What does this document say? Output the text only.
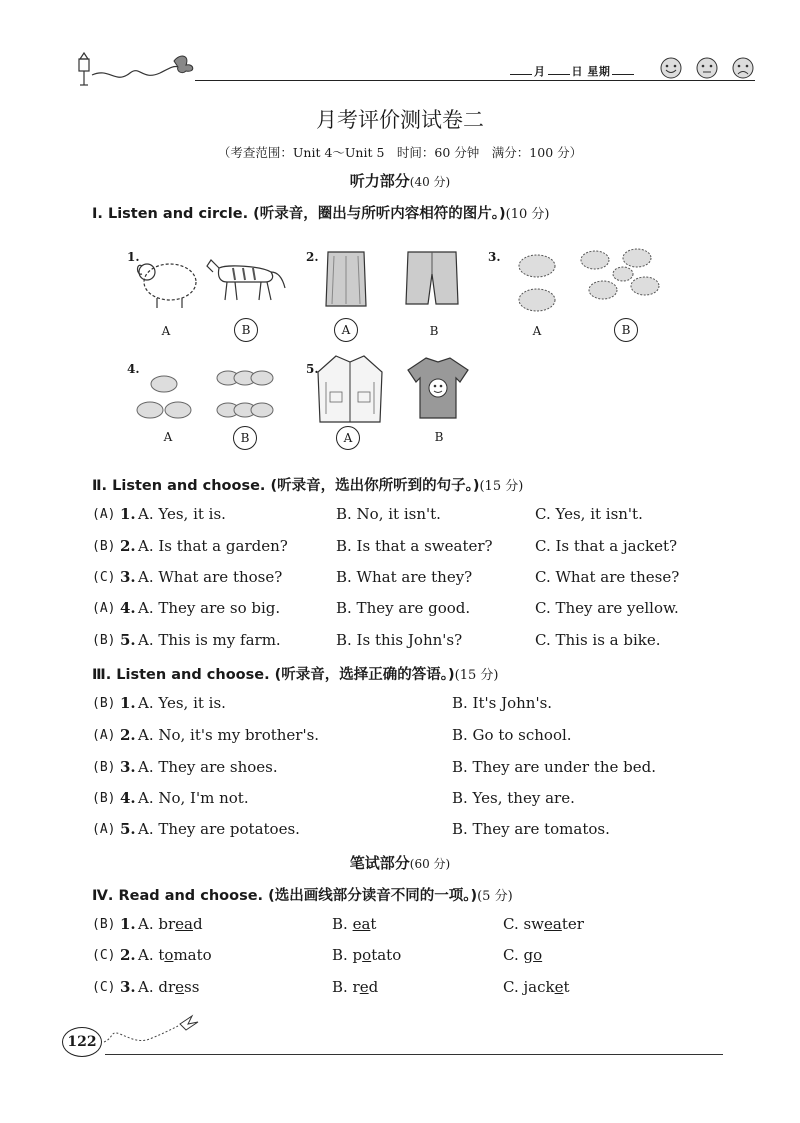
月 日 星期
月考评价测试卷二
（考查范围：Unit 4～Unit 5　时间：60 分钟　满分：100 分）
听力部分(40 分)
Ⅰ. Listen and circle. (听录音，圈出与所听内容相符的图片。)(10 分)
1.
A	B
2.
A	B
3.
A	B
4.
A	B
5.
A	B
Ⅱ. Listen and choose. (听录音，选出你所听到的句子。)(15 分)
(A) 1. A. Yes, it is.	B. No, it isn't.	C. Yes, it isn't.
(B) 2. A. Is that a garden?	B. Is that a sweater?	C. Is that a jacket?
(C) 3. A. What are those?	B. What are they?	C. What are these?
(A) 4. A. They are so big.	B. They are good.	C. They are yellow.
(B) 5. A. This is my farm.	B. Is this John's?	C. This is a bike.
Ⅲ. Listen and choose. (听录音，选择正确的答语。)(15 分)
(B) 1. A. Yes, it is.	B. It's John's.
(A) 2. A. No, it's my brother's.	B. Go to school.
(B) 3. A. They are shoes.	B. They are under the bed.
(B) 4. A. No, I'm not.	B. Yes, they are.
(A) 5. A. They are potatoes.	B. They are tomatos.
笔试部分(60 分)
Ⅳ. Read and choose. (选出画线部分读音不同的一项。)(5 分)
(B) 1. A. bread	B. eat	C. sweater
(C) 2. A. tomato	B. potato	C. go
(C) 3. A. dress	B. red	C. jacket
122
